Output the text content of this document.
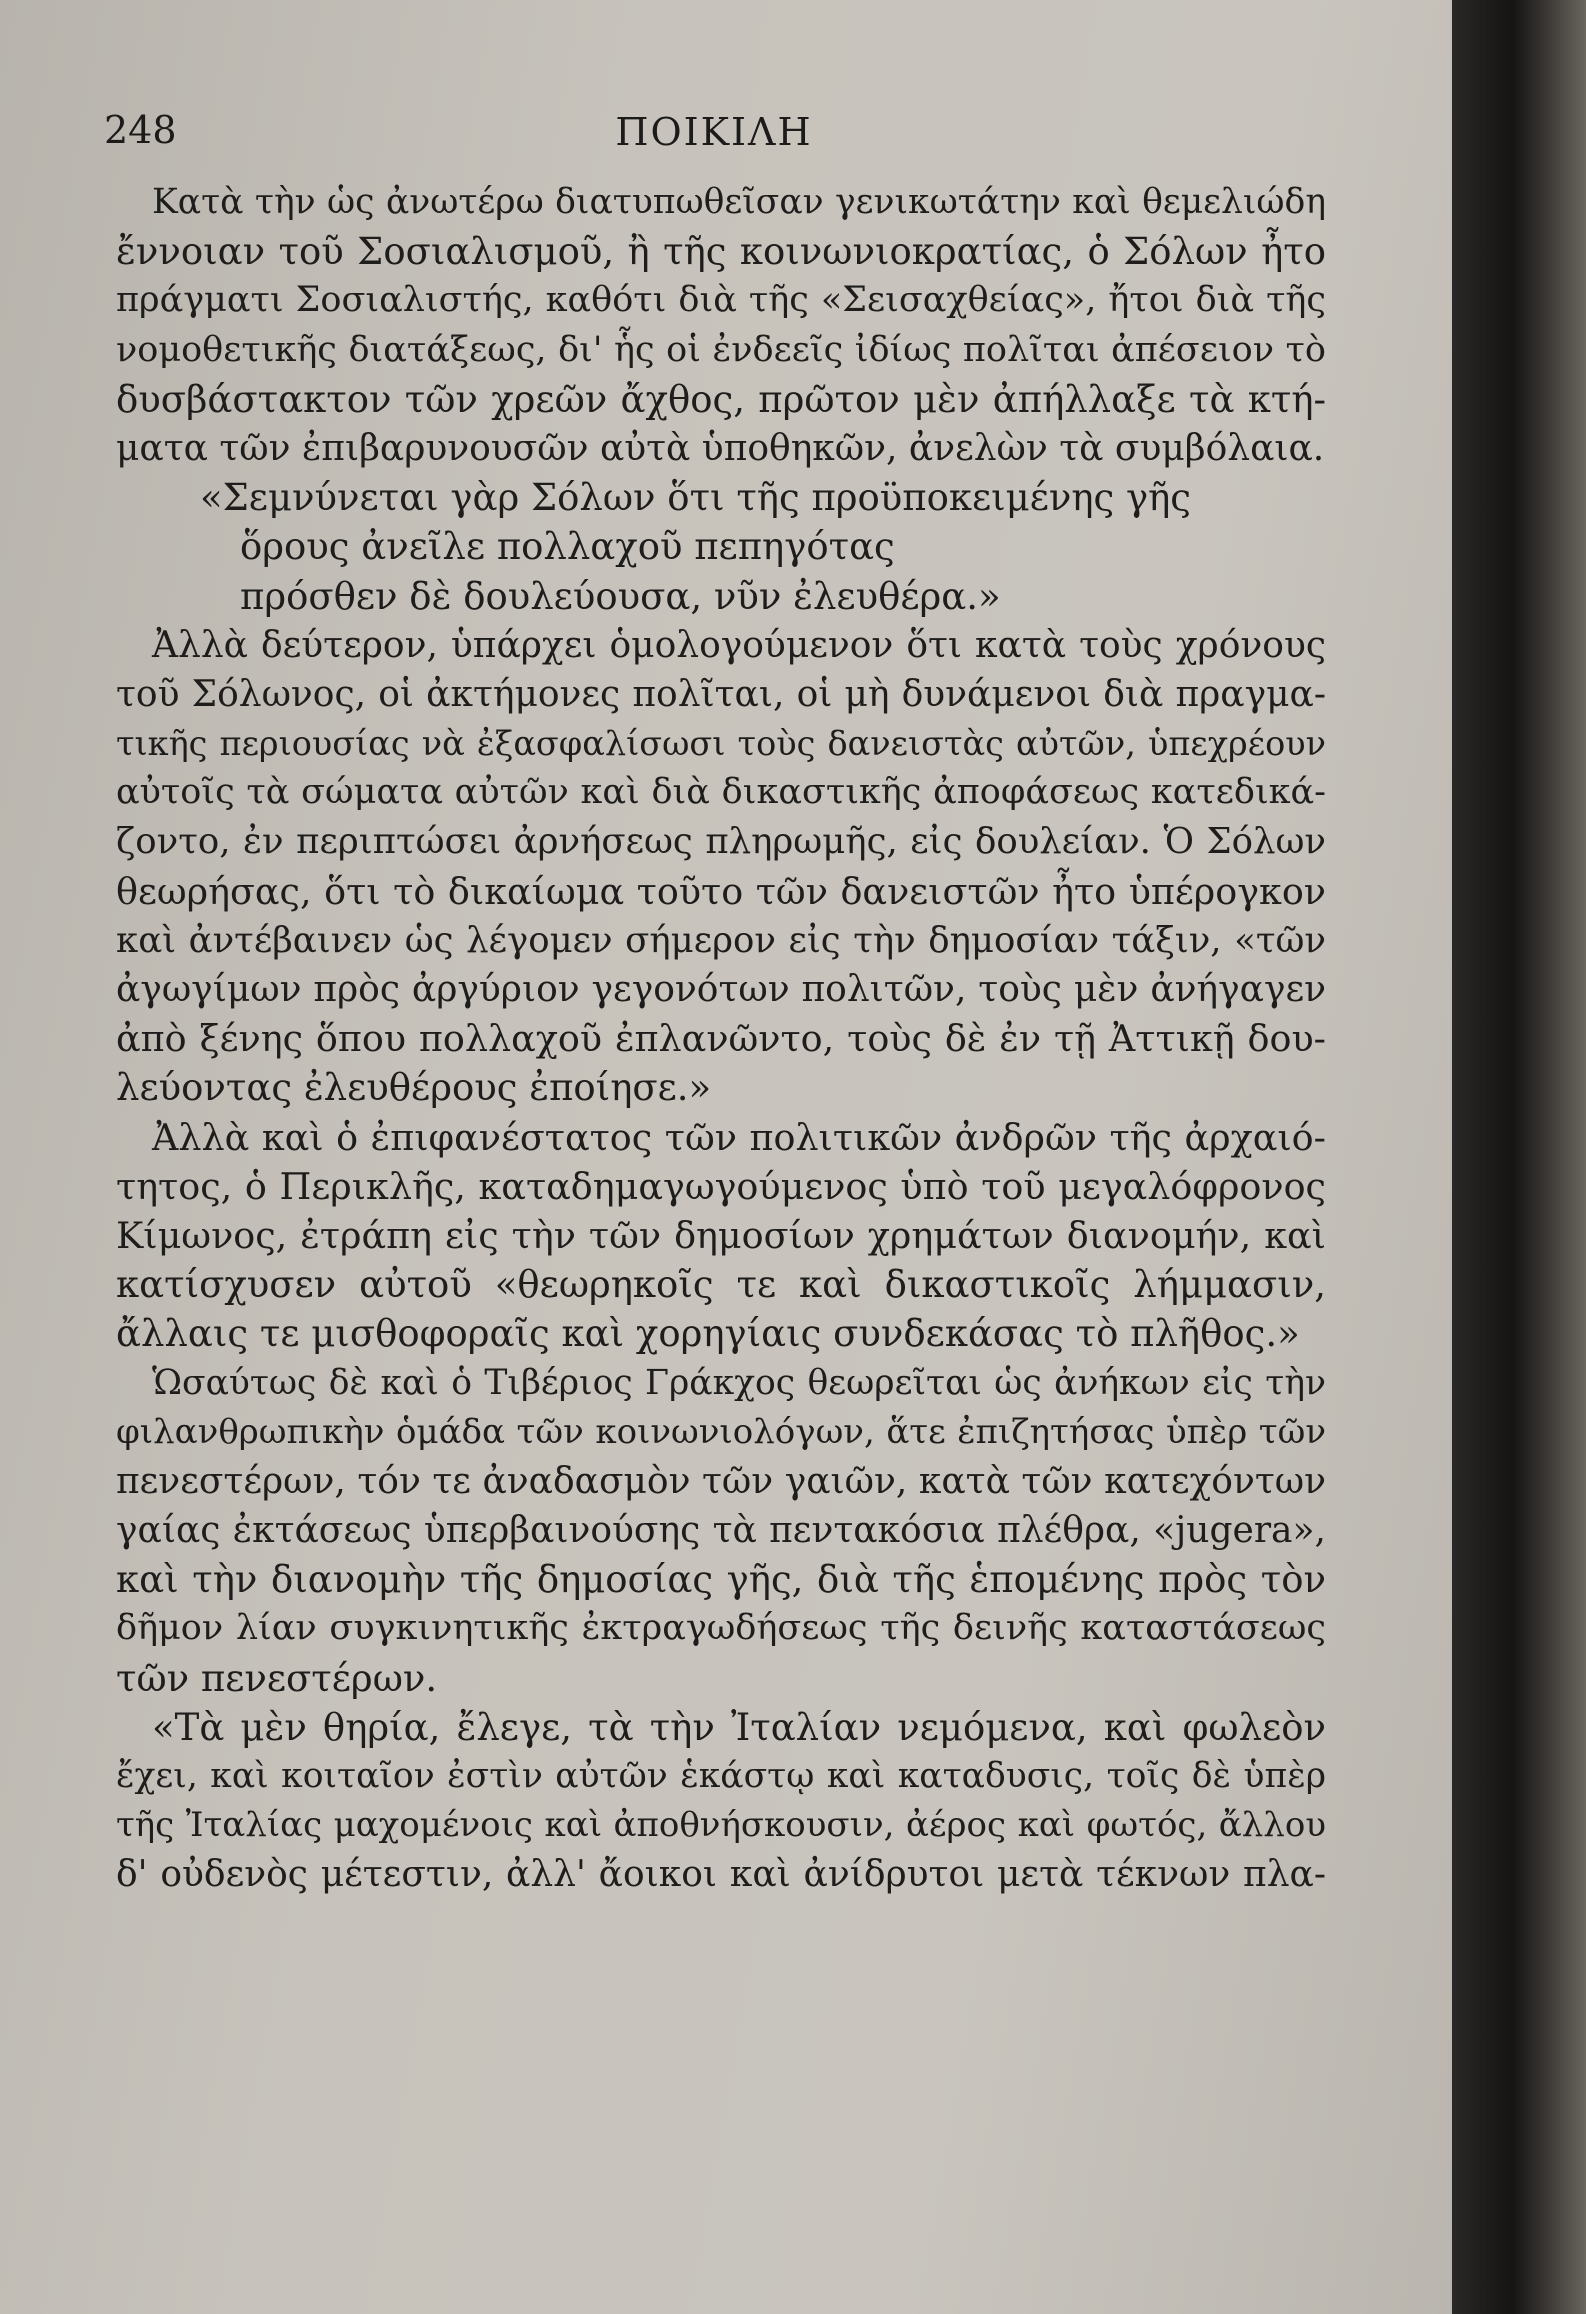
248	ΠΟΙΚΙΛΗ
Κατὰ τὴν ὡς ἀνωτέρω διατυπωθεῖσαν γενικωτάτην καὶ θεμελιώδη
ἔννοιαν τοῦ Σοσιαλισμοῦ, ἢ τῆς κοινωνιοκρατίας, ὁ Σόλων ἦτο
πράγματι Σοσιαλιστής, καθότι διὰ τῆς «Σεισαχθείας», ἤτοι διὰ τῆς
νομοθετικῆς διατάξεως, δι' ἧς οἱ ἐνδεεῖς ἰδίως πολῖται ἀπέσειον τὸ
δυσβάστακτον τῶν χρεῶν ἄχθος, πρῶτον μὲν ἀπήλλαξε τὰ κτή-
ματα τῶν ἐπιβαρυνουσῶν αὐτὰ ὑποθηκῶν, ἀνελὼν τὰ συμβόλαια.
«Σεμνύνεται γὰρ Σόλων ὅτι τῆς προϋποκειμένης γῆς
ὅρους ἀνεῖλε πολλαχοῦ πεπηγότας
πρόσθεν δὲ δουλεύουσα, νῦν ἐλευθέρα.»
Ἀλλὰ δεύτερον, ὑπάρχει ὁμολογούμενον ὅτι κατὰ τοὺς χρόνους
τοῦ Σόλωνος, οἱ ἀκτήμονες πολῖται, οἱ μὴ δυνάμενοι διὰ πραγμα-
τικῆς περιουσίας νὰ ἐξασφαλίσωσι τοὺς δανειστὰς αὐτῶν, ὑπεχρέουν
αὐτοῖς τὰ σώματα αὐτῶν καὶ διὰ δικαστικῆς ἀποφάσεως κατεδικά-
ζοντο, ἐν περιπτώσει ἀρνήσεως πληρωμῆς, εἰς δουλείαν. Ὁ Σόλων
θεωρήσας, ὅτι τὸ δικαίωμα τοῦτο τῶν δανειστῶν ἦτο ὑπέρογκον
καὶ ἀντέβαινεν ὡς λέγομεν σήμερον εἰς τὴν δημοσίαν τάξιν, «τῶν
ἀγωγίμων πρὸς ἀργύριον γεγονότων πολιτῶν, τοὺς μὲν ἀνήγαγεν
ἀπὸ ξένης ὅπου πολλαχοῦ ἐπλανῶντο, τοὺς δὲ ἐν τῇ Ἀττικῇ δου-
λεύοντας ἐλευθέρους ἐποίησε.»
Ἀλλὰ καὶ ὁ ἐπιφανέστατος τῶν πολιτικῶν ἀνδρῶν τῆς ἀρχαιό-
τητος, ὁ Περικλῆς, καταδημαγωγούμενος ὑπὸ τοῦ μεγαλόφρονος
Κίμωνος, ἐτράπη εἰς τὴν τῶν δημοσίων χρημάτων διανομήν, καὶ
κατίσχυσεν αὐτοῦ «θεωρηκοῖς τε καὶ δικαστικοῖς λήμμασιν,
ἄλλαις τε μισθοφοραῖς καὶ χορηγίαις συνδεκάσας τὸ πλῆθος.»
Ὡσαύτως δὲ καὶ ὁ Τιβέριος Γράκχος θεωρεῖται ὡς ἀνήκων εἰς τὴν
φιλανθρωπικὴν ὁμάδα τῶν κοινωνιολόγων, ἅτε ἐπιζητήσας ὑπὲρ τῶν
πενεστέρων, τόν τε ἀναδασμὸν τῶν γαιῶν, κατὰ τῶν κατεχόντων
γαίας ἐκτάσεως ὑπερβαινούσης τὰ πεντακόσια πλέθρα, «jugera»,
καὶ τὴν διανομὴν τῆς δημοσίας γῆς, διὰ τῆς ἑπομένης πρὸς τὸν
δῆμον λίαν συγκινητικῆς ἐκτραγωδήσεως τῆς δεινῆς καταστάσεως
τῶν πενεστέρων.
«Τὰ μὲν θηρία, ἔλεγε, τὰ τὴν Ἰταλίαν νεμόμενα, καὶ φωλεὸν
ἔχει, καὶ κοιταῖον ἐστὶν αὐτῶν ἑκάστῳ καὶ καταδυσις, τοῖς δὲ ὑπὲρ
τῆς Ἰταλίας μαχομένοις καὶ ἀποθνήσκουσιν, ἀέρος καὶ φωτός, ἄλλου
δ' οὐδενὸς μέτεστιν, ἀλλ' ἄοικοι καὶ ἀνίδρυτοι μετὰ τέκνων πλα-
